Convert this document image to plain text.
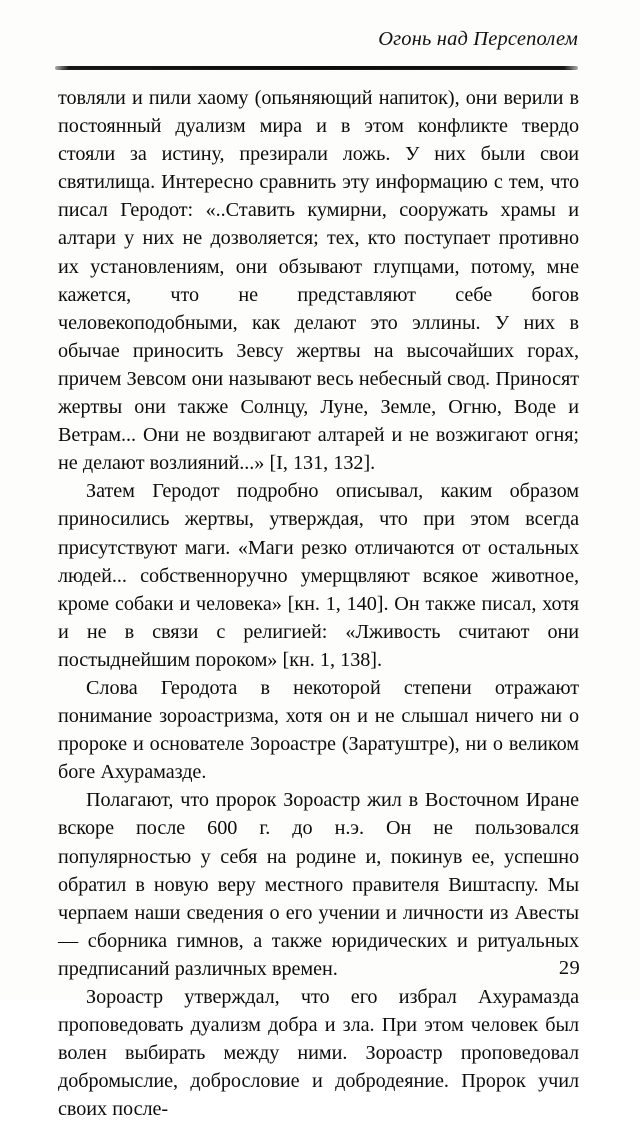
Огонь над Персеполем

товляли и пили хаому (опьяняющий напиток), они верили в постоянный дуализм мира и в этом конфликте твердо стояли за истину, презирали ложь. У них были свои святилища. Интересно сравнить эту информацию с тем, что писал Геродот: «..Ставить кумирни, сооружать храмы и алтари у них не дозволяется; тех, кто поступает противно их установлениям, они обзывают глупцами, потому, мне кажется, что не представляют себе богов человекоподобными, как делают это эллины. У них в обычае приносить Зевсу жертвы на высочайших горах, причем Зевсом они называют весь небесный свод. Приносят жертвы они также Солнцу, Луне, Земле, Огню, Воде и Ветрам... Они не воздвигают алтарей и не возжигают огня; не делают возлияний...» [I, 131, 132].

Затем Геродот подробно описывал, каким образом приносились жертвы, утверждая, что при этом всегда присутствуют маги. «Маги резко отличаются от остальных людей... собственноручно умерщвляют всякое животное, кроме собаки и человека» [кн. 1, 140]. Он также писал, хотя и не в связи с религией: «Лживость считают они постыднейшим пороком» [кн. 1, 138].

Слова Геродота в некоторой степени отражают понимание зороастризма, хотя он и не слышал ничего ни о пророке и основателе Зороастре (Заратуштре), ни о великом боге Ахурамазде.

Полагают, что пророк Зороастр жил в Восточном Иране вскоре после 600 г. до н.э. Он не пользовался популярностью у себя на родине и, покинув ее, успешно обратил в новую веру местного правителя Виштаспу. Мы черпаем наши сведения о его учении и личности из Авесты — сборника гимнов, а также юридических и ритуальных предписаний различных времен.

Зороастр утверждал, что его избрал Ахурамазда проповедовать дуализм добра и зла. При этом человек был волен выбирать между ними. Зороастр проповедовал добромыслие, добрословие и добродеяние. Пророк учил своих после-

29
